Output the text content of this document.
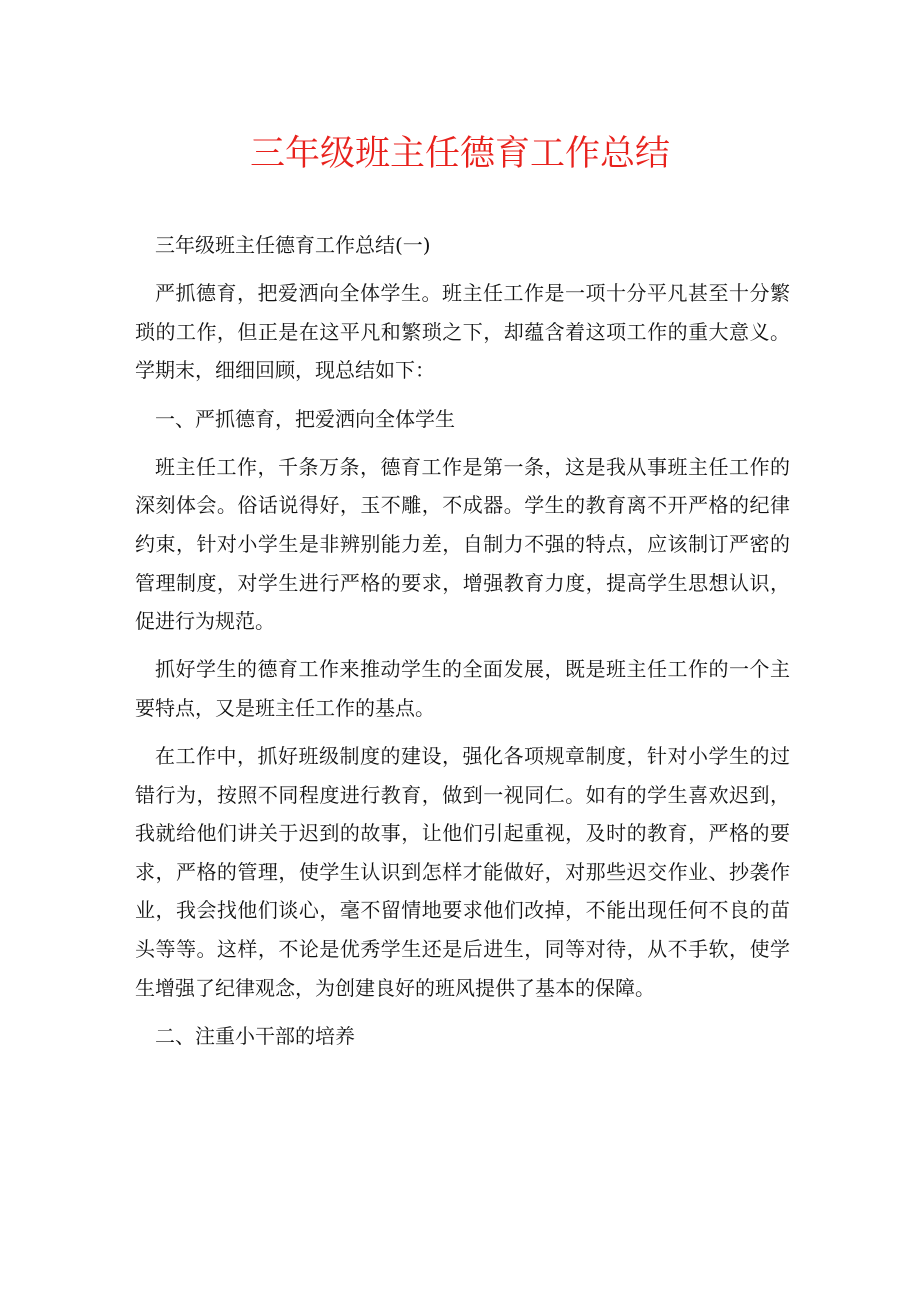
三年级班主任德育工作总结

三年级班主任德育工作总结(一)

严抓德育，把爱洒向全体学生。班主任工作是一项十分平凡甚至十分繁琐的工作，但正是在这平凡和繁琐之下，却蕴含着这项工作的重大意义。学期末，细细回顾，现总结如下：

一、严抓德育，把爱洒向全体学生

班主任工作，千条万条，德育工作是第一条，这是我从事班主任工作的深刻体会。俗话说得好，玉不雕，不成器。学生的教育离不开严格的纪律约束，针对小学生是非辨别能力差，自制力不强的特点，应该制订严密的管理制度，对学生进行严格的要求，增强教育力度，提高学生思想认识，促进行为规范。

抓好学生的德育工作来推动学生的全面发展，既是班主任工作的一个主要特点，又是班主任工作的基点。

在工作中，抓好班级制度的建设，强化各项规章制度，针对小学生的过错行为，按照不同程度进行教育，做到一视同仁。如有的学生喜欢迟到，我就给他们讲关于迟到的故事，让他们引起重视，及时的教育，严格的要求，严格的管理，使学生认识到怎样才能做好，对那些迟交作业、抄袭作业，我会找他们谈心，毫不留情地要求他们改掉，不能出现任何不良的苗头等等。这样，不论是优秀学生还是后进生，同等对待，从不手软，使学生增强了纪律观念，为创建良好的班风提供了基本的保障。

二、注重小干部的培养
